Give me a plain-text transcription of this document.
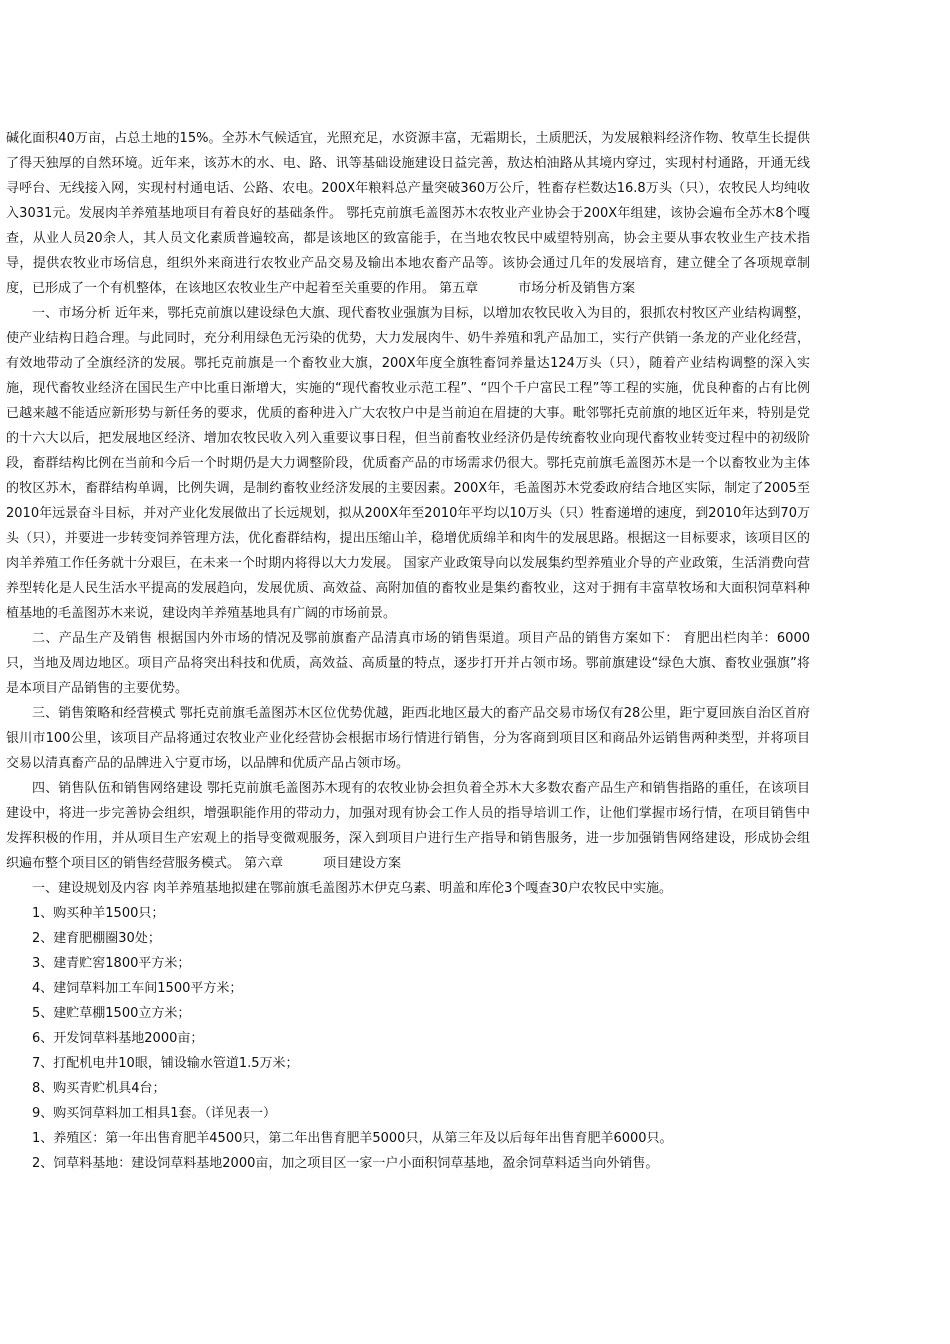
碱化面积40万亩，占总土地的15%。全苏木气候适宜，光照充足，水资源丰富，无霜期长，土质肥沃，为发展粮料经济作物、牧草生长提供了得天独厚的自然环境。近年来，该苏木的水、电、路、讯等基础设施建设日益完善，敖达柏油路从其境内穿过，实现村村通路，开通无线寻呼台、无线接入网，实现村村通电话、公路、农电。200X年粮料总产量突破360万公斤，牲畜存栏数达16.8万头（只），农牧民人均纯收入3031元。发展肉羊养殖基地项目有着良好的基础条件。 鄂托克前旗毛盖图苏木农牧业产业协会于200X年组建，该协会遍布全苏木8个嘎查，从业人员20余人，其人员文化素质普遍较高，都是该地区的致富能手，在当地农牧民中威望特别高，协会主要从事农牧业生产技术指导，提供农牧业市场信息，组织外来商进行农牧业产品交易及输出本地农畜产品等。该协会通过几年的发展培育，建立健全了各项规章制度，已形成了一个有机整体，在该地区农牧业生产中起着至关重要的作用。 第五章	市场分析及销售方案

一、市场分析 近年来，鄂托克前旗以建设绿色大旗、现代畜牧业强旗为目标，以增加农牧民收入为目的，狠抓农村牧区产业结构调整，使产业结构日趋合理。与此同时，充分利用绿色无污染的优势，大力发展肉牛、奶牛养殖和乳产品加工，实行产供销一条龙的产业化经营，有效地带动了全旗经济的发展。鄂托克前旗是一个畜牧业大旗，200X年度全旗牲畜饲养量达124万头（只），随着产业结构调整的深入实施，现代畜牧业经济在国民生产中比重日渐增大，实施的“现代畜牧业示范工程”、“四个千户富民工程”等工程的实施，优良种畜的占有比例已越来越不能适应新形势与新任务的要求，优质的畜种进入广大农牧户中是当前迫在眉捷的大事。毗邻鄂托克前旗的地区近年来，特别是党的十六大以后，把发展地区经济、增加农牧民收入列入重要议事日程，但当前畜牧业经济仍是传统畜牧业向现代畜牧业转变过程中的初级阶段，畜群结构比例在当前和今后一个时期仍是大力调整阶段，优质畜产品的市场需求仍很大。鄂托克前旗毛盖图苏木是一个以畜牧业为主体的牧区苏木，畜群结构单调，比例失调，是制约畜牧业经济发展的主要因素。200X年，毛盖图苏木党委政府结合地区实际，制定了2005至2010年远景奋斗目标，并对产业化发展做出了长远规划，拟从200X年至2010年平均以10万头（只）牲畜递增的速度，到2010年达到70万头（只），并要进一步转变饲养管理方法，优化畜群结构，提出压缩山羊，稳增优质绵羊和肉牛的发展思路。根据这一目标要求，该项目区的肉羊养殖工作任务就十分艰巨，在未来一个时期内将得以大力发展。 国家产业政策导向以发展集约型养殖业介导的产业政策，生活消费向营养型转化是人民生活水平提高的发展趋向，发展优质、高效益、高附加值的畜牧业是集约畜牧业，这对于拥有丰富草牧场和大面积饲草料种植基地的毛盖图苏木来说，建设肉羊养殖基地具有广阔的市场前景。

二、产品生产及销售 根据国内外市场的情况及鄂前旗畜产品清真市场的销售渠道。项目产品的销售方案如下： 育肥出栏肉羊：6000只，当地及周边地区。项目产品将突出科技和优质，高效益、高质量的特点，逐步打开并占领市场。鄂前旗建设“绿色大旗、畜牧业强旗”将是本项目产品销售的主要优势。

三、销售策略和经营模式 鄂托克前旗毛盖图苏木区位优势优越，距西北地区最大的畜产品交易市场仅有28公里，距宁夏回族自治区首府银川市100公里，该项目产品将通过农牧业产业化经营协会根据市场行情进行销售，分为客商到项目区和商品外运销售两种类型，并将项目交易以清真畜产品的品牌进入宁夏市场，以品牌和优质产品占领市场。

四、销售队伍和销售网络建设 鄂托克前旗毛盖图苏木现有的农牧业协会担负着全苏木大多数农畜产品生产和销售指路的重任，在该项目建设中，将进一步完善协会组织，增强职能作用的带动力，加强对现有协会工作人员的指导培训工作，让他们掌握市场行情，在项目销售中发挥积极的作用，并从项目生产宏观上的指导变微观服务，深入到项目户进行生产指导和销售服务，进一步加强销售网络建设，形成协会组织遍布整个项目区的销售经营服务模式。 第六章	项目建设方案

一、建设规划及内容 肉羊养殖基地拟建在鄂前旗毛盖图苏木伊克乌素、明盖和库伦3个嘎查30户农牧民中实施。

1、购买种羊1500只；

2、建育肥棚圈30处；

3、建青贮窖1800平方米；

4、建饲草料加工车间1500平方米；

5、建贮草棚1500立方米；

6、开发饲草料基地2000亩；

7、打配机电井10眼，铺设输水管道1.5万米；

8、购买青贮机具4台；

9、购买饲草料加工相具1套。（详见表一）

1、养殖区：第一年出售育肥羊4500只，第二年出售育肥羊5000只，从第三年及以后每年出售育肥羊6000只。

2、饲草料基地：建设饲草料基地2000亩，加之项目区一家一户小面积饲草基地，盈余饲草料适当向外销售。
